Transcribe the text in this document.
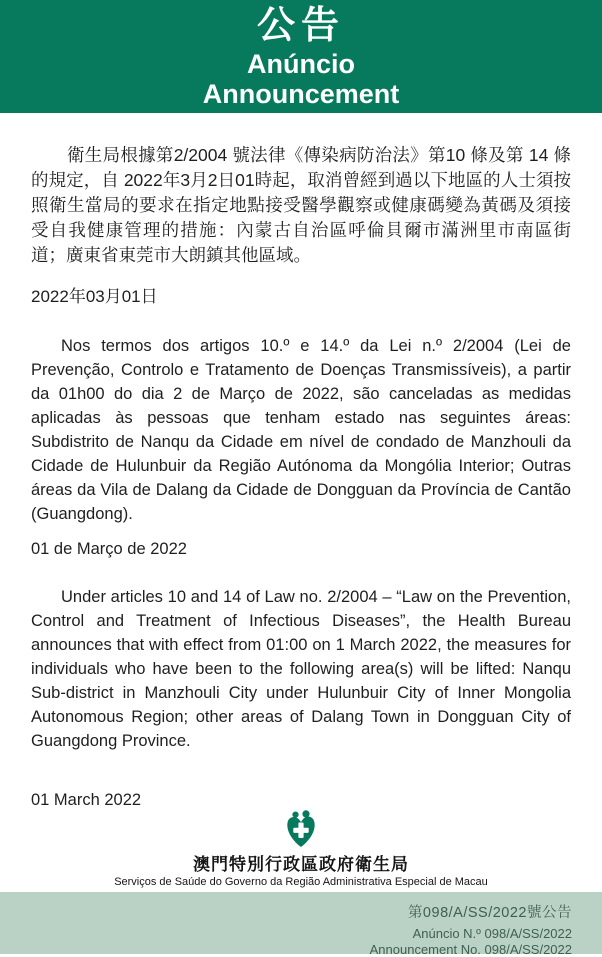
公告
Anúncio
Announcement

衛生局根據第2/2004 號法律《傳染病防治法》第10 條及第 14 條的規定，自 2022年3月2日01時起，取消曾經到過以下地區的人士須按照衛生當局的要求在指定地點接受醫學觀察或健康碼變為黃碼及須接受自我健康管理的措施：內蒙古自治區呼倫貝爾市滿洲里市南區街道；廣東省東莞市大朗鎮其他區域。

2022年03月01日

Nos termos dos artigos 10.º e 14.º da Lei n.º 2/2004 (Lei de Prevenção, Controlo e Tratamento de Doenças Transmissíveis), a partir da 01h00 do dia 2 de Março de 2022, são canceladas as medidas aplicadas às pessoas que tenham estado nas seguintes áreas: Subdistrito de Nanqu da Cidade em nível de condado de Manzhouli da Cidade de Hulunbuir da Região Autónoma da Mongólia Interior; Outras áreas da Vila de Dalang da Cidade de Dongguan da Província de Cantão (Guangdong).

01 de Março de 2022

Under articles 10 and 14 of Law no. 2/2004 – “Law on the Prevention, Control and Treatment of Infectious Diseases”, the Health Bureau announces that with effect from 01:00 on 1 March 2022, the measures for individuals who have been to the following area(s) will be lifted: Nanqu Sub-district in Manzhouli City under Hulunbuir City of Inner Mongolia Autonomous Region; other areas of Dalang Town in Dongguan City of Guangdong Province.

01 March 2022

澳門特別行政區政府衛生局
Serviços de Saúde do Governo da Região Administrativa Especial de Macau
第098/A/SS/2022號公告
Anúncio N.º 098/A/SS/2022
Announcement No. 098/A/SS/2022
